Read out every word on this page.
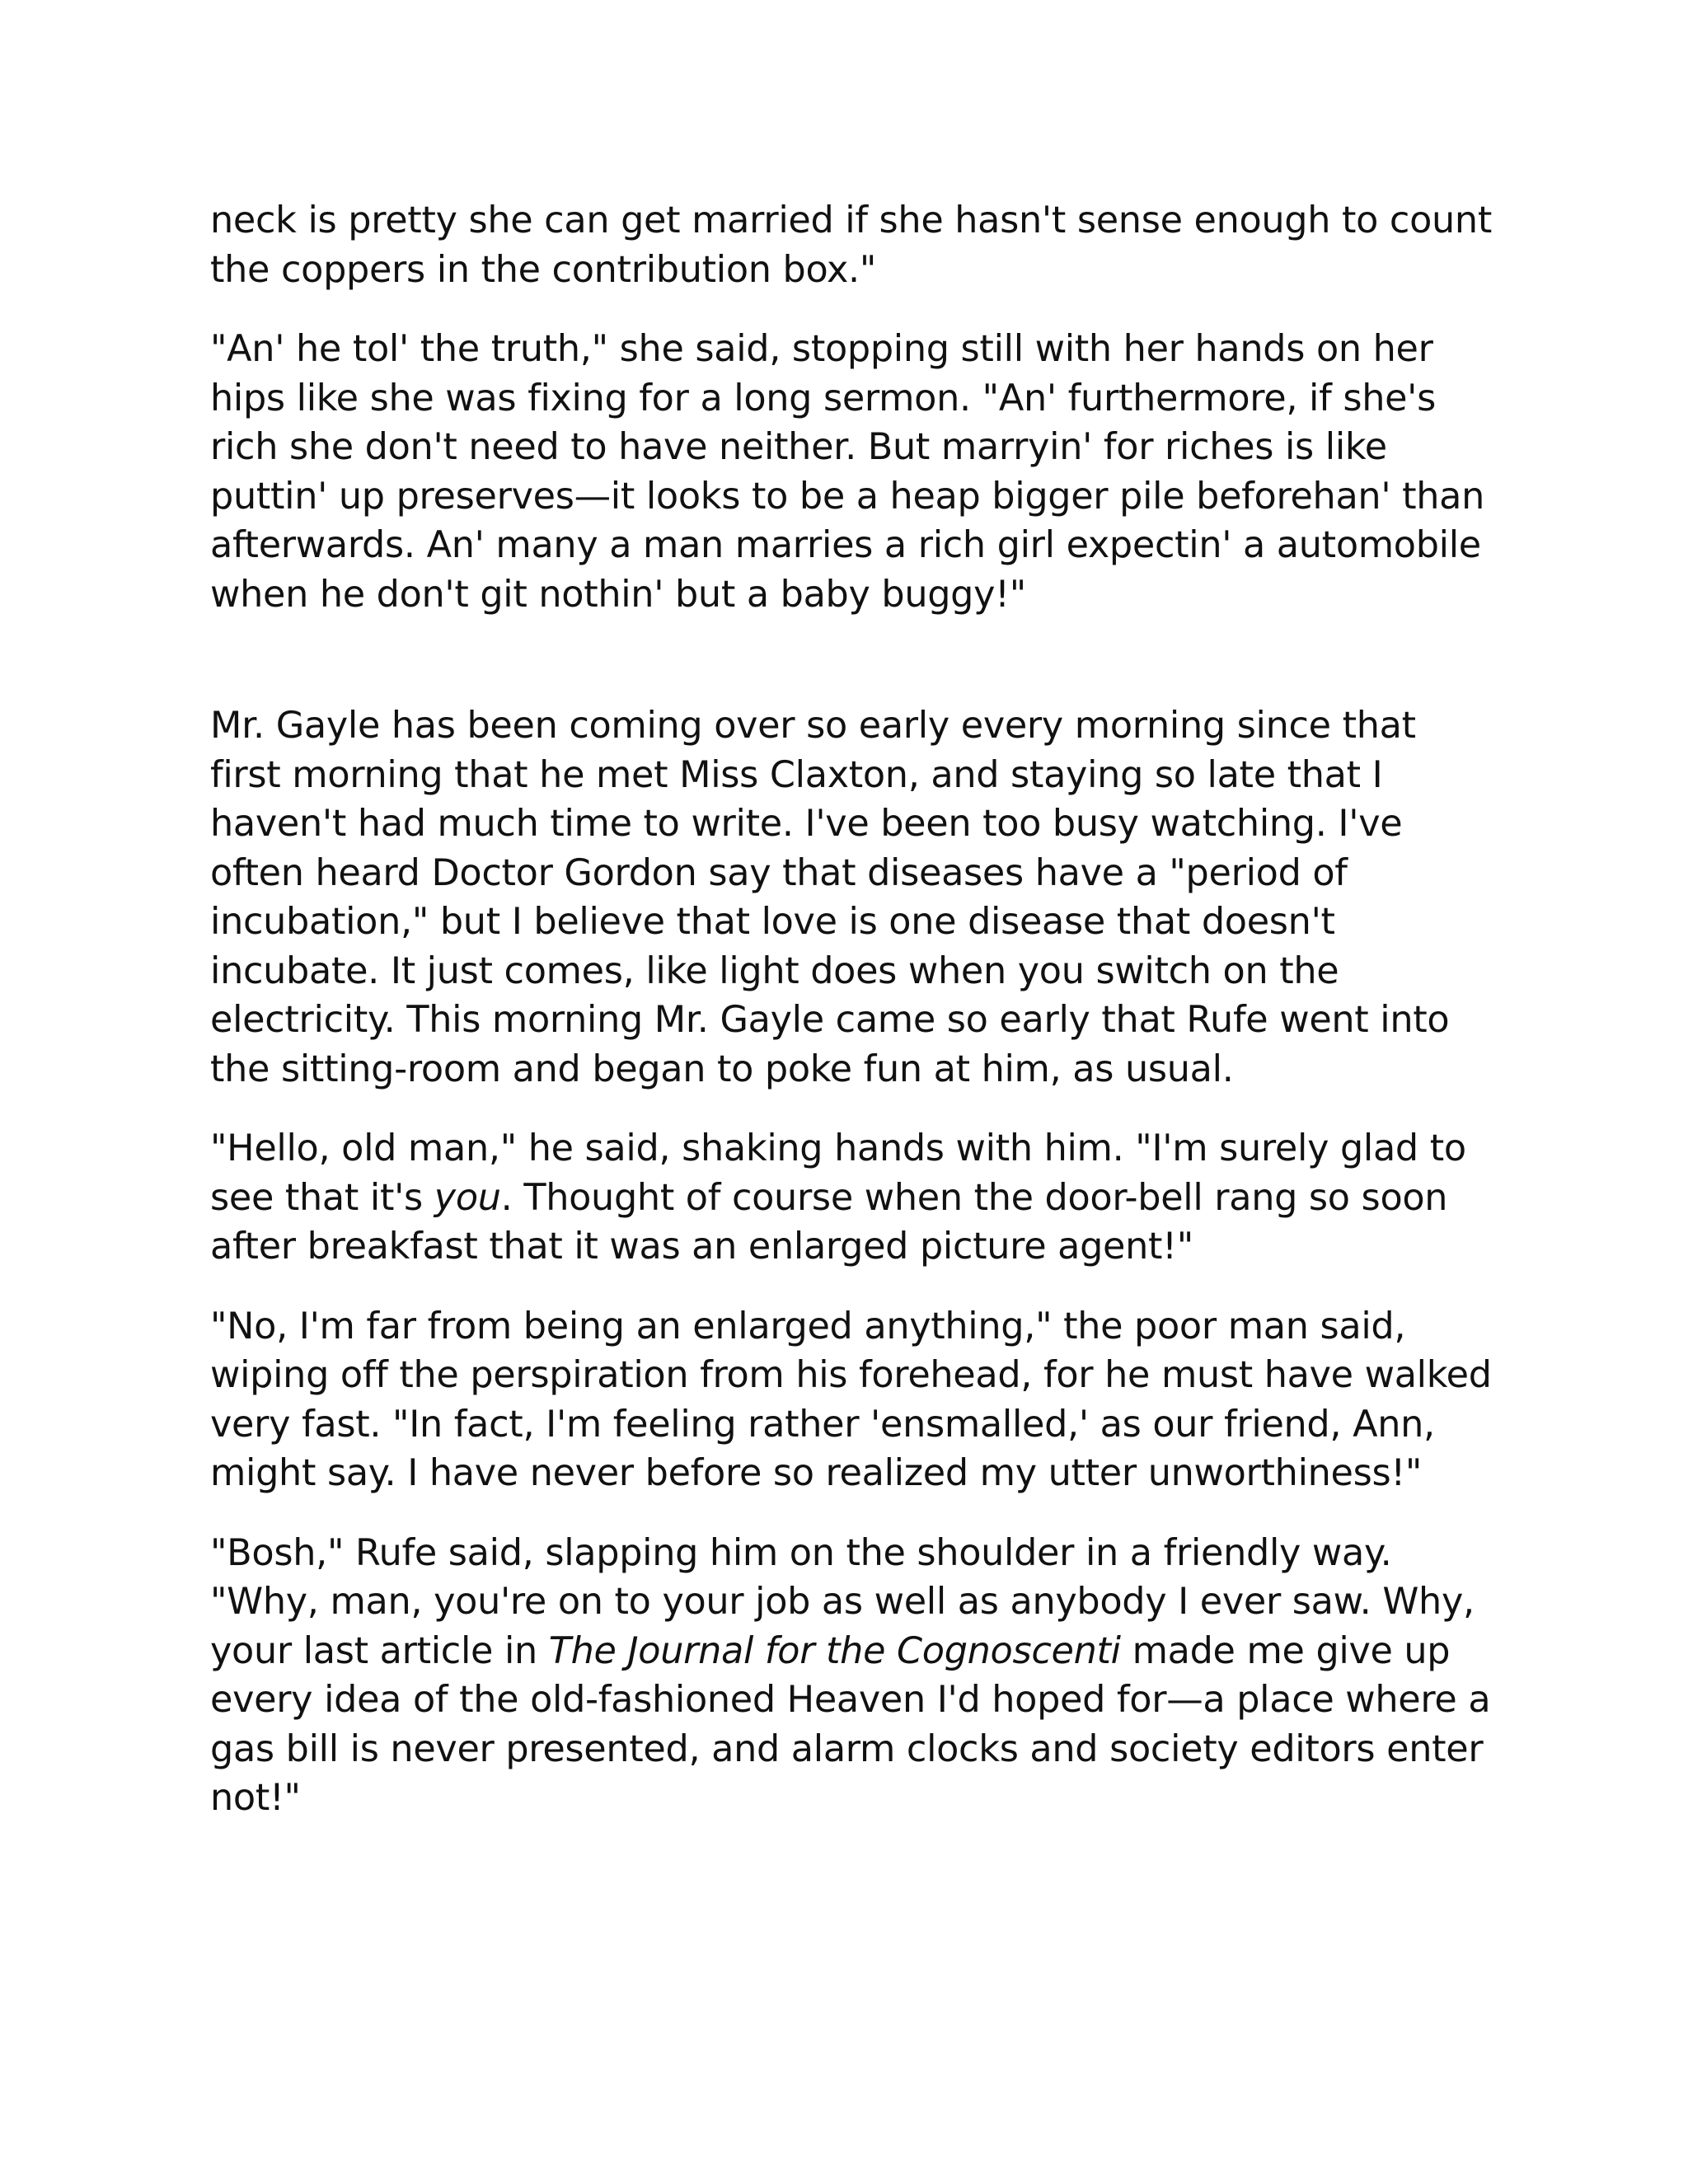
neck is pretty she can get married if she hasn't sense enough to count the coppers in the contribution box."

"An' he tol' the truth," she said, stopping still with her hands on her hips like she was fixing for a long sermon. "An' furthermore, if she's rich she don't need to have neither. But marryin' for riches is like puttin' up preserves—it looks to be a heap bigger pile beforehan' than afterwards. An' many a man marries a rich girl expectin' a automobile when he don't git nothin' but a baby buggy!"

Mr. Gayle has been coming over so early every morning since that first morning that he met Miss Claxton, and staying so late that I haven't had much time to write. I've been too busy watching. I've often heard Doctor Gordon say that diseases have a "period of incubation," but I believe that love is one disease that doesn't incubate. It just comes, like light does when you switch on the electricity. This morning Mr. Gayle came so early that Rufe went into the sitting-room and began to poke fun at him, as usual.

"Hello, old man," he said, shaking hands with him. "I'm surely glad to see that it's you. Thought of course when the door-bell rang so soon after breakfast that it was an enlarged picture agent!"

"No, I'm far from being an enlarged anything," the poor man said, wiping off the perspiration from his forehead, for he must have walked very fast. "In fact, I'm feeling rather 'ensmalled,' as our friend, Ann, might say. I have never before so realized my utter unworthiness!"

"Bosh," Rufe said, slapping him on the shoulder in a friendly way. "Why, man, you're on to your job as well as anybody I ever saw. Why, your last article in The Journal for the Cognoscenti made me give up every idea of the old-fashioned Heaven I'd hoped for—a place where a gas bill is never presented, and alarm clocks and society editors enter not!"
